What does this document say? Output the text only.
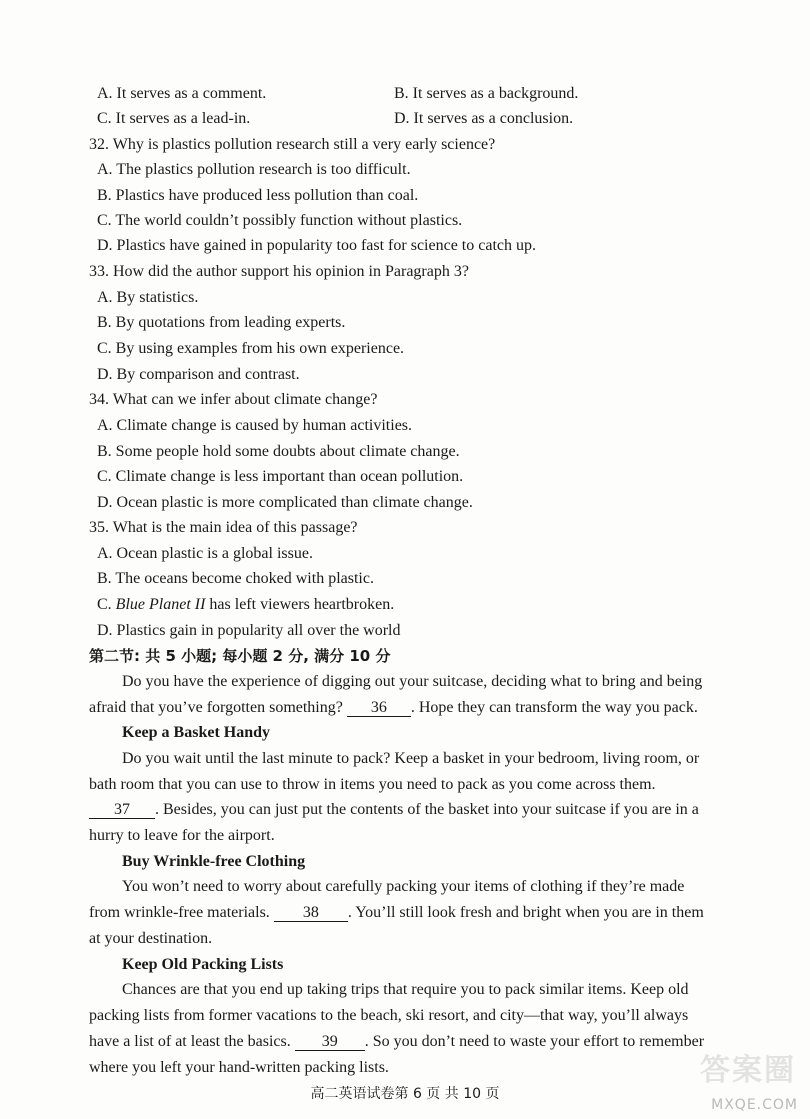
A. It serves as a comment.	B. It serves as a background.
C. It serves as a lead-in.	D. It serves as a conclusion.
32. Why is plastics pollution research still a very early science?
A. The plastics pollution research is too difficult.
B. Plastics have produced less pollution than coal.
C. The world couldn’t possibly function without plastics.
D. Plastics have gained in popularity too fast for science to catch up.
33. How did the author support his opinion in Paragraph 3?
A. By statistics.
B. By quotations from leading experts.
C. By using examples from his own experience.
D. By comparison and contrast.
34. What can we infer about climate change?
A. Climate change is caused by human activities.
B. Some people hold some doubts about climate change.
C. Climate change is less important than ocean pollution.
D. Ocean plastic is more complicated than climate change.
35. What is the main idea of this passage?
A. Ocean plastic is a global issue.
B. The oceans become choked with plastic.
C. Blue Planet II has left viewers heartbroken.
D. Plastics gain in popularity all over the world
第二节: 共 5 小题; 每小题 2 分, 满分 10 分
Do you have the experience of digging out your suitcase, deciding what to bring and being
afraid that you’ve forgotten something? 36 . Hope they can transform the way you pack.
Keep a Basket Handy
Do you wait until the last minute to pack? Keep a basket in your bedroom, living room, or
bath room that you can use to throw in items you need to pack as you come across them.
37 . Besides, you can just put the contents of the basket into your suitcase if you are in a
hurry to leave for the airport.
Buy Wrinkle-free Clothing
You won’t need to worry about carefully packing your items of clothing if they’re made
from wrinkle-free materials. 38 . You’ll still look fresh and bright when you are in them
at your destination.
Keep Old Packing Lists
Chances are that you end up taking trips that require you to pack similar items. Keep old
packing lists from former vacations to the beach, ski resort, and city—that way, you’ll always
have a list of at least the basics. 39 . So you don’t need to waste your effort to remember
where you left your hand-written packing lists.
高二英语试卷第 6 页 共 10 页
答案圈
MXQE.COM
